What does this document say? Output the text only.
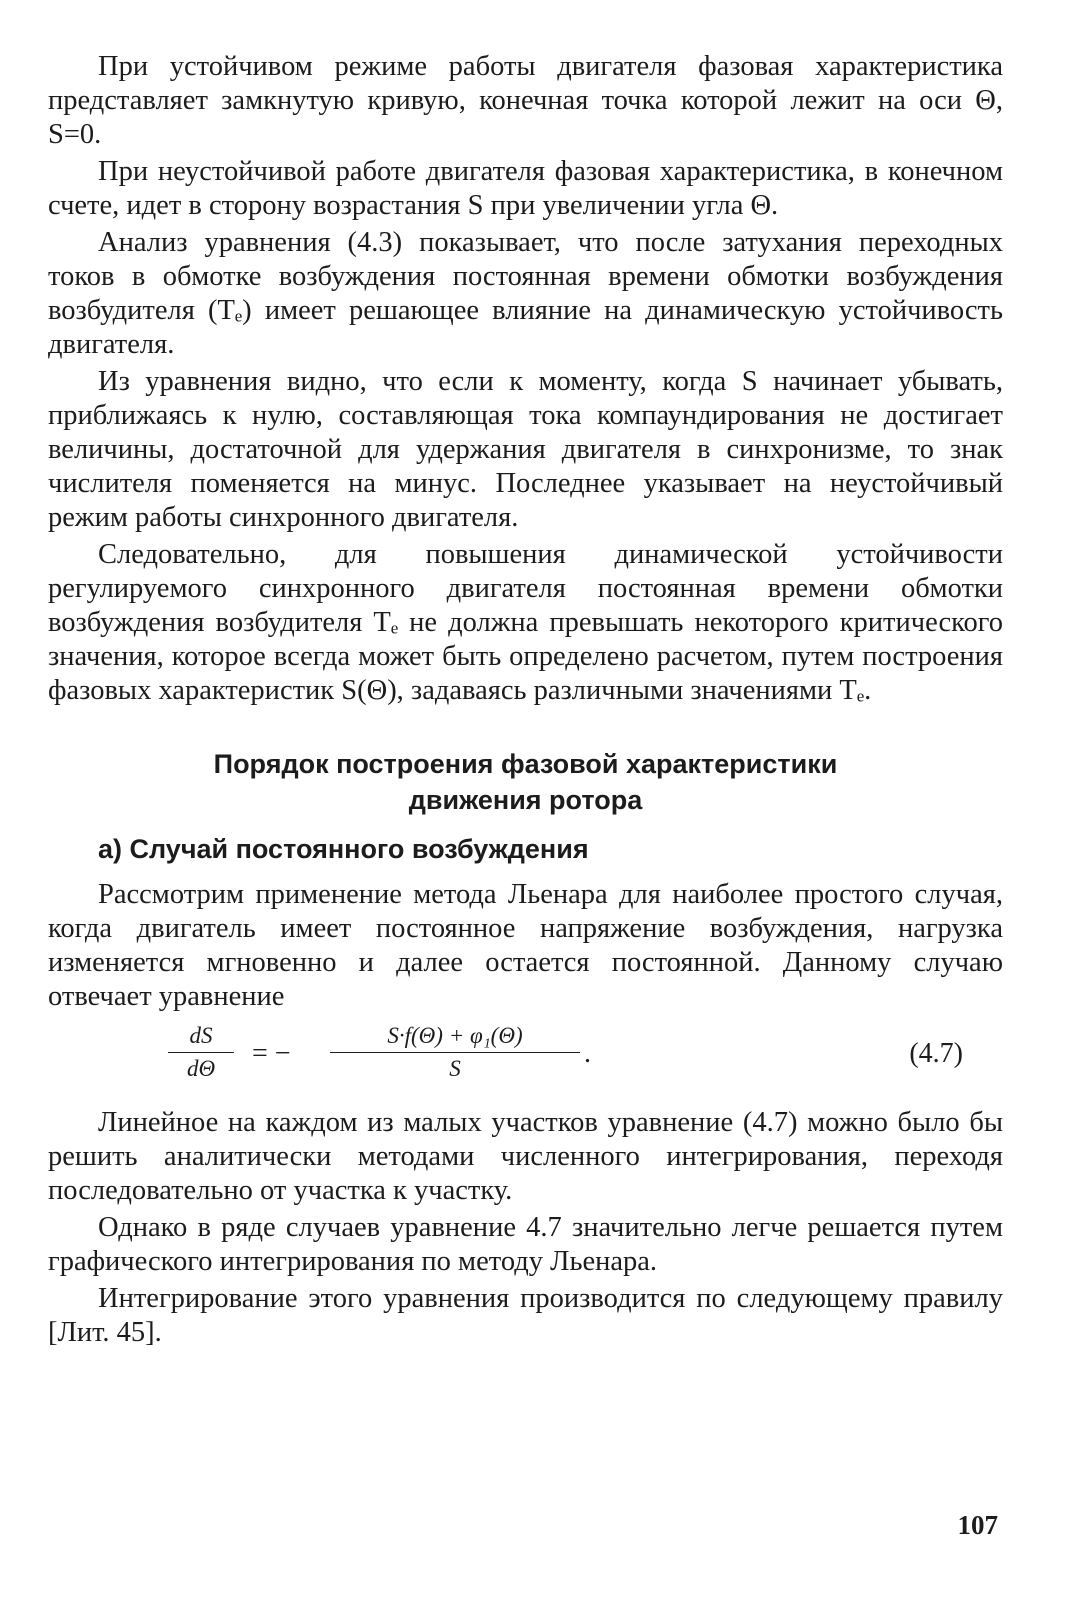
При устойчивом режиме работы двигателя фазовая характеристика представляет замкнутую кривую, конечная точка которой лежит на оси Θ, S=0.

При неустойчивой работе двигателя фазовая характеристика, в конечном счете, идет в сторону возрастания S при увеличении угла Θ.

Анализ уравнения (4.3) показывает, что после затухания переходных токов в обмотке возбуждения постоянная времени обмотки возбуждения возбудителя (Tₑ) имеет решающее влияние на динамическую устойчивость двигателя.

Из уравнения видно, что если к моменту, когда S начинает убывать, приближаясь к нулю, составляющая тока компаундирования не достигает величины, достаточной для удержания двигателя в синхронизме, то знак числителя поменяется на минус. Последнее указывает на неустойчивый режим работы синхронного двигателя.

Следовательно, для повышения динамической устойчивости регулируемого синхронного двигателя постоянная времени обмотки возбуждения возбудителя Tₑ не должна превышать некоторого критического значения, которое всегда может быть определено расчетом, путем построения фазовых характеристик S(Θ), задаваясь различными значениями Tₑ.

Порядок построения фазовой характеристики
движения ротора
а) Случай постоянного возбуждения

Рассмотрим применение метода Льенара для наиболее простого случая, когда двигатель имеет постоянное напряжение возбуждения, нагрузка изменяется мгновенно и далее остается постоянной. Данному случаю отвечает уравнение

$\frac{dS}{d\Theta}$ = − $\frac{\text{S·f(Θ) + φ₁(Θ)}}{S}$ .	(4.7)

Линейное на каждом из малых участков уравнение (4.7) можно было бы решить аналитически методами численного интегрирования, переходя последовательно от участка к участку.

Однако в ряде случаев уравнение 4.7 значительно легче решается путем графического интегрирования по методу Льенара.

Интегрирование этого уравнения производится по следующему правилу [Лит. 45].

107
